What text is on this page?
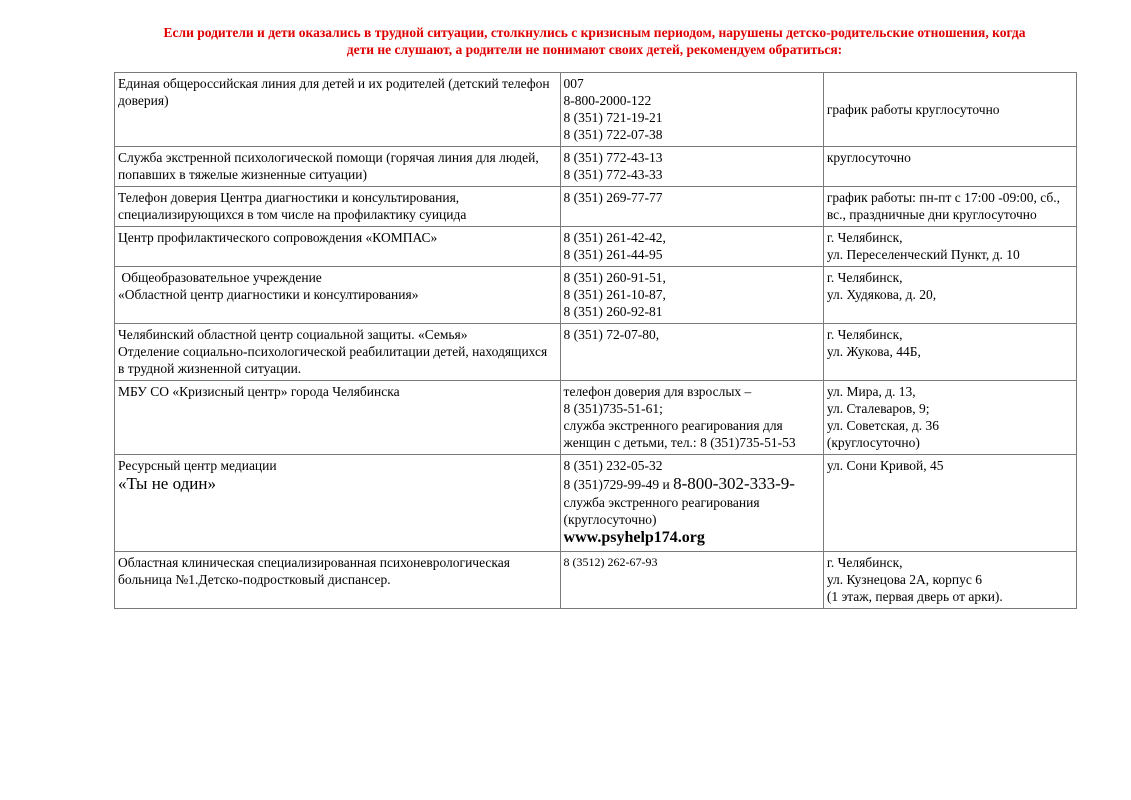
Если родители и дети оказались в трудной ситуации, столкнулись с кризисным периодом, нарушены детско-родительские отношения, когда
дети не слушают, а родители не понимают своих детей, рекомендуем обратиться:
Единая общероссийская линия для детей и их родителей (детский телефон доверия)	007
8-800-2000-122
8 (351) 721-19-21
8 (351) 722-07-38	график работы круглосуточно

Служба экстренной психологической помощи (горячая линия для людей, попавших в тяжелые жизненные ситуации)	8 (351) 772-43-13
8 (351) 772-43-33	круглосуточно

Телефон доверия Центра диагностики и консультирования, специализирующихся в том числе на профилактику суицида	8 (351) 269-77-77	график работы: пн-пт с 17:00 -09:00, сб., вс., праздничные дни круглосуточно

Центр профилактического сопровождения «КОМПАС»	8 (351) 261-42-42,
8 (351) 261-44-95	г. Челябинск,
ул. Переселенческий Пункт, д. 10

Общеобразовательное учреждение
«Областной центр диагностики и консултирования»	8 (351) 260-91-51,
8 (351) 261-10-87,
8 (351) 260-92-81	г. Челябинск,
ул. Худякова, д. 20,

Челябинский областной центр социальной защиты. «Семья»
Отделение социально-психологической реабилитации детей, находящихся в трудной жизненной ситуации.	8 (351) 72-07-80,	г. Челябинск,
ул. Жукова, 44Б,

МБУ СО «Кризисный центр» города Челябинска	телефон доверия для взрослых –
8 (351)735-51-61;
служба экстренного реагирования для женщин с детьми, тел.: 8 (351)735-51-53	ул. Мира, д. 13,
ул. Сталеваров, 9;
ул. Советская, д. 36
(круглосуточно)

Ресурсный центр медиации
«Ты не один»	8 (351) 232-05-32
8 (351)729-99-49 и 8-800-302-333-9-
служба экстренного реагирования (круглосуточно)
www.psyhelp174.org	ул. Сони Кривой, 45

Областная клиническая специализированная психоневрологическая больница №1.Детско-подростковый диспансер.	8 (3512) 262-67-93	г. Челябинск,
ул. Кузнецова 2А, корпус 6
(1 этаж, первая дверь от арки).
